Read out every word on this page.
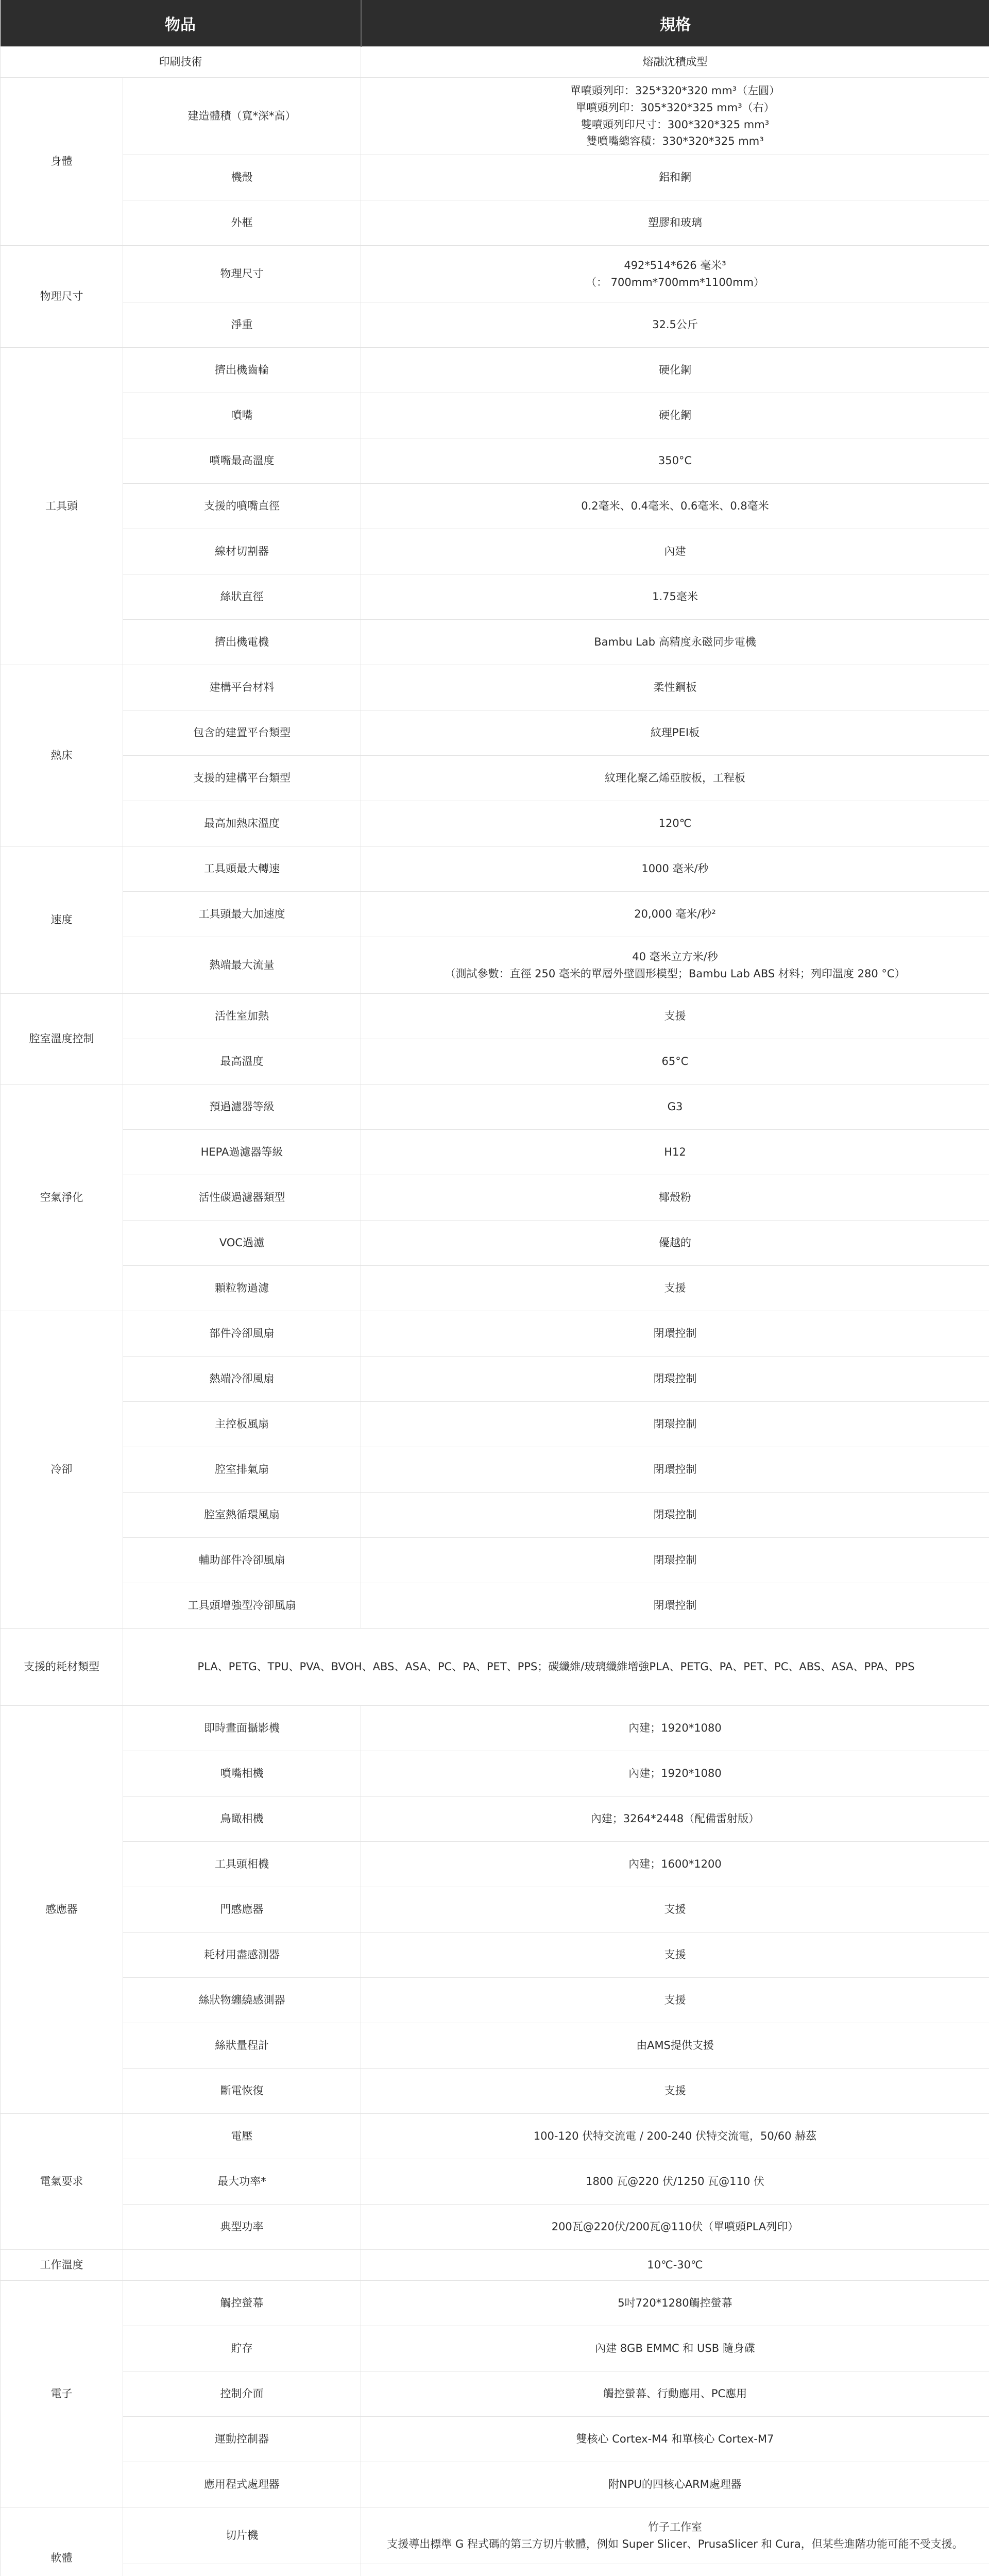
物品		規格
印刷技術		熔融沈積成型
身體	建造體積（寬*深*高）	單噴頭列印：325*320*320 mm³（左圓）
單噴頭列印：305*320*325 mm³（右）
雙噴頭列印尺寸：300*320*325 mm³
雙噴嘴總容積：330*320*325 mm³

	機殼	鋁和鋼
	外框	塑膠和玻璃
物理尺寸	物理尺寸	492*514*626 毫米³
（： 700mm*700mm*1100mm）

	淨重	32.5公斤
工具頭	擠出機齒輪	硬化鋼
	噴嘴	硬化鋼
	噴嘴最高溫度	350°C
	支援的噴嘴直徑	0.2毫米、0.4毫米、0.6毫米、0.8毫米
	線材切割器	內建
	絲狀直徑	1.75毫米
	擠出機電機	Bambu Lab 高精度永磁同步電機
熱床	建構平台材料	柔性鋼板
	包含的建置平台類型	紋理PEI板
	支援的建構平台類型	紋理化聚乙烯亞胺板，工程板
	最高加熱床溫度	120℃
速度	工具頭最大轉速	1000 毫米/秒
	工具頭最大加速度	20,000 毫米/秒²
	熱端最大流量	40 毫米立方米/秒
（測試參數：直徑 250 毫米的單層外壁圓形模型；Bambu Lab ABS 材料；列印溫度 280 °C）

腔室溫度控制	活性室加熱	支援
	最高溫度	65°C
空氣淨化	預過濾器等級	G3
	HEPA過濾器等級	H12
	活性碳過濾器類型	椰殼粉
	VOC過濾	優越的
	顆粒物過濾	支援
冷卻	部件冷卻風扇	閉環控制
	熱端冷卻風扇	閉環控制
	主控板風扇	閉環控制
	腔室排氣扇	閉環控制
	腔室熱循環風扇	閉環控制
	輔助部件冷卻風扇	閉環控制
	工具頭增強型冷卻風扇	閉環控制
支援的耗材類型	PLA、PETG、TPU、PVA、BVOH、ABS、ASA、PC、PA、PET、PPS；碳纖維/玻璃纖維增強PLA、PETG、PA、PET、PC、ABS、ASA、PPA、PPS	
感應器	即時畫面攝影機	內建；1920*1080
	噴嘴相機	內建；1920*1080
	鳥瞰相機	內建；3264*2448（配備雷射版）
	工具頭相機	內建；1600*1200
	門感應器	支援
	耗材用盡感測器	支援
	絲狀物纏繞感測器	支援
	絲狀量程計	由AMS提供支援
	斷電恢復	支援
電氣要求	電壓	100-120 伏特交流電 / 200-240 伏特交流電，50/60 赫茲
	最大功率*	1800 瓦@220 伏/1250 瓦@110 伏
	典型功率	200瓦@220伏/200瓦@110伏（單噴頭PLA列印）
工作溫度		10℃-30℃
電子	觸控螢幕	5吋720*1280觸控螢幕
	貯存	內建 8GB EMMC 和 USB 隨身碟
	控制介面	觸控螢幕、行動應用、PC應用
	運動控制器	雙核心 Cortex-M4 和單核心 Cortex-M7
	應用程式處理器	附NPU的四核心ARM處理器
軟體	切片機	竹子工作室
支援導出標準 G 程式碼的第三方切片軟體，例如 Super Slicer、PrusaSlicer 和 Cura，但某些進階功能可能不受支援。
